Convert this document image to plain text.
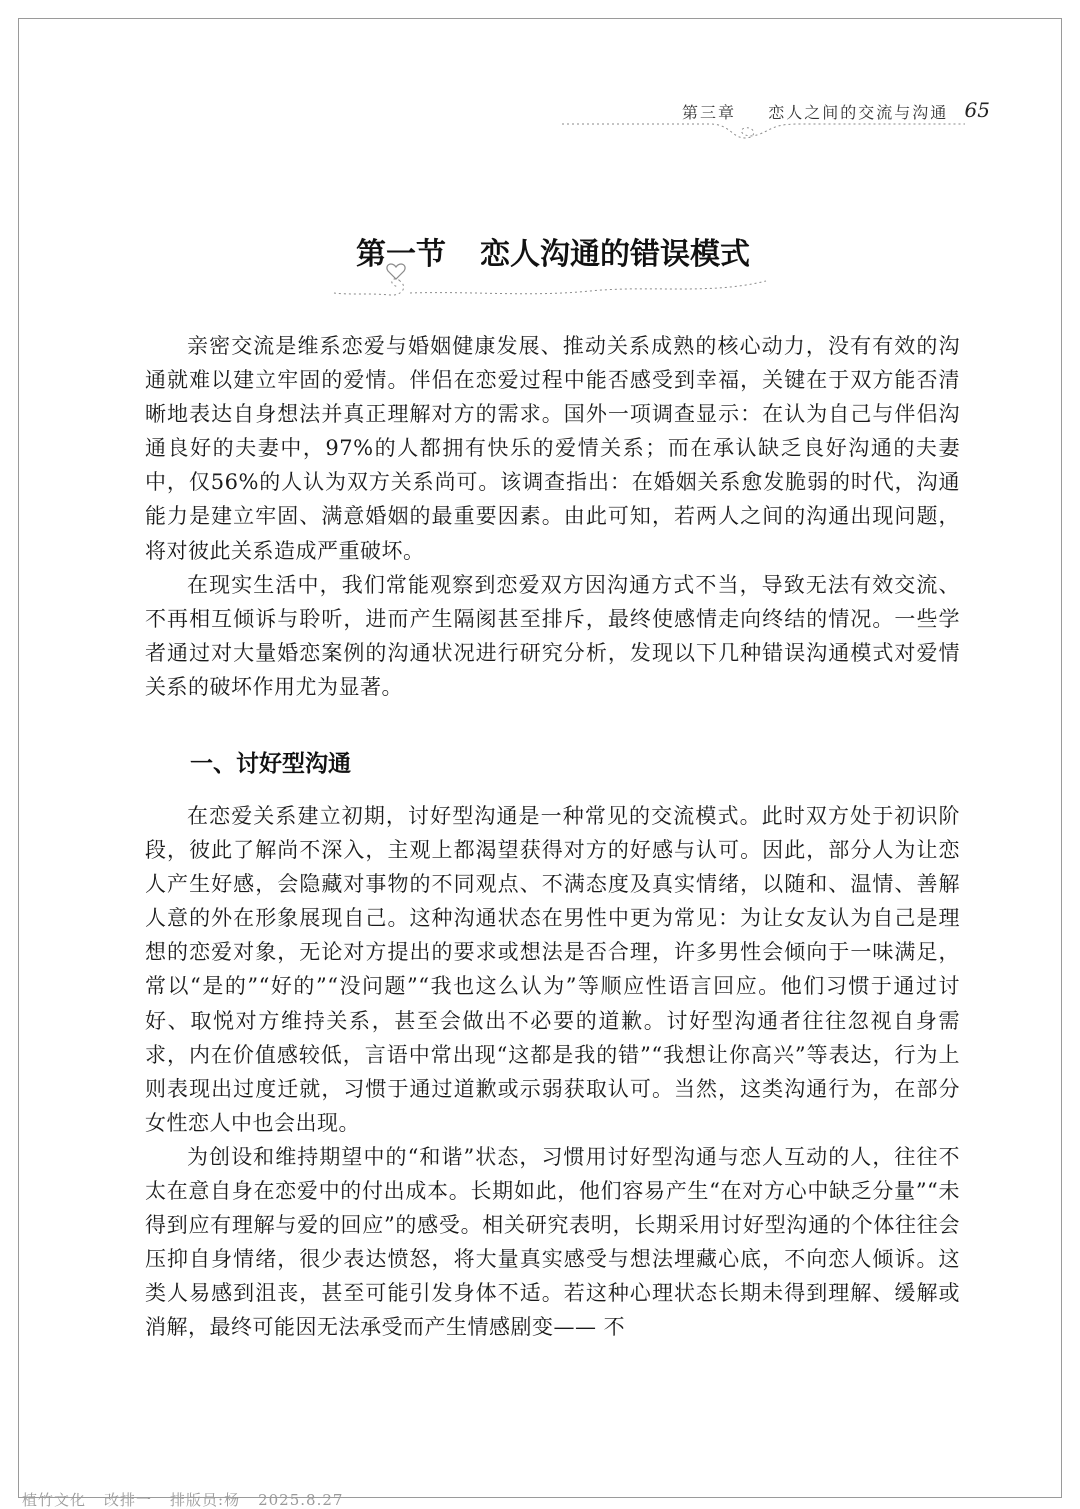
第三章 恋人之间的交流与沟通 65
第一节 恋人沟通的错误模式

亲密交流是维系恋爱与婚姻健康发展、推动关系成熟的核心动力，没有有效的沟通就难以建立牢固的爱情。伴侣在恋爱过程中能否感受到幸福，关键在于双方能否清晰地表达自身想法并真正理解对方的需求。国外一项调查显示：在认为自己与伴侣沟通良好的夫妻中，97%的人都拥有快乐的爱情关系；而在承认缺乏良好沟通的夫妻中，仅56%的人认为双方关系尚可。该调查指出：在婚姻关系愈发脆弱的时代，沟通能力是建立牢固、满意婚姻的最重要因素。由此可知，若两人之间的沟通出现问题，将对彼此关系造成严重破坏。

在现实生活中，我们常能观察到恋爱双方因沟通方式不当，导致无法有效交流、不再相互倾诉与聆听，进而产生隔阂甚至排斥，最终使感情走向终结的情况。一些学者通过对大量婚恋案例的沟通状况进行研究分析，发现以下几种错误沟通模式对爱情关系的破坏作用尤为显著。

一、讨好型沟通

在恋爱关系建立初期，讨好型沟通是一种常见的交流模式。此时双方处于初识阶段，彼此了解尚不深入，主观上都渴望获得对方的好感与认可。因此，部分人为让恋人产生好感，会隐藏对事物的不同观点、不满态度及真实情绪，以随和、温情、善解人意的外在形象展现自己。这种沟通状态在男性中更为常见：为让女友认为自己是理想的恋爱对象，无论对方提出的要求或想法是否合理，许多男性会倾向于一味满足，常以“是的”“好的”“没问题”“我也这么认为”等顺应性语言回应。他们习惯于通过讨好、取悦对方维持关系，甚至会做出不必要的道歉。讨好型沟通者往往忽视自身需求，内在价值感较低，言语中常出现“这都是我的错”“我想让你高兴”等表达，行为上则表现出过度迁就，习惯于通过道歉或示弱获取认可。当然，这类沟通行为，在部分女性恋人中也会出现。

为创设和维持期望中的“和谐”状态，习惯用讨好型沟通与恋人互动的人，往往不太在意自身在恋爱中的付出成本。长期如此，他们容易产生“在对方心中缺乏分量”“未得到应有理解与爱的回应”的感受。相关研究表明，长期采用讨好型沟通的个体往往会压抑自身情绪，很少表达愤怒，将大量真实感受与想法埋藏心底，不向恋人倾诉。这类人易感到沮丧，甚至可能引发身体不适。若这种心理状态长期未得到理解、缓解或消解，最终可能因无法承受而产生情感剧变—— 不

植竹文化 改排一 排版员:杨 2025.8.27
